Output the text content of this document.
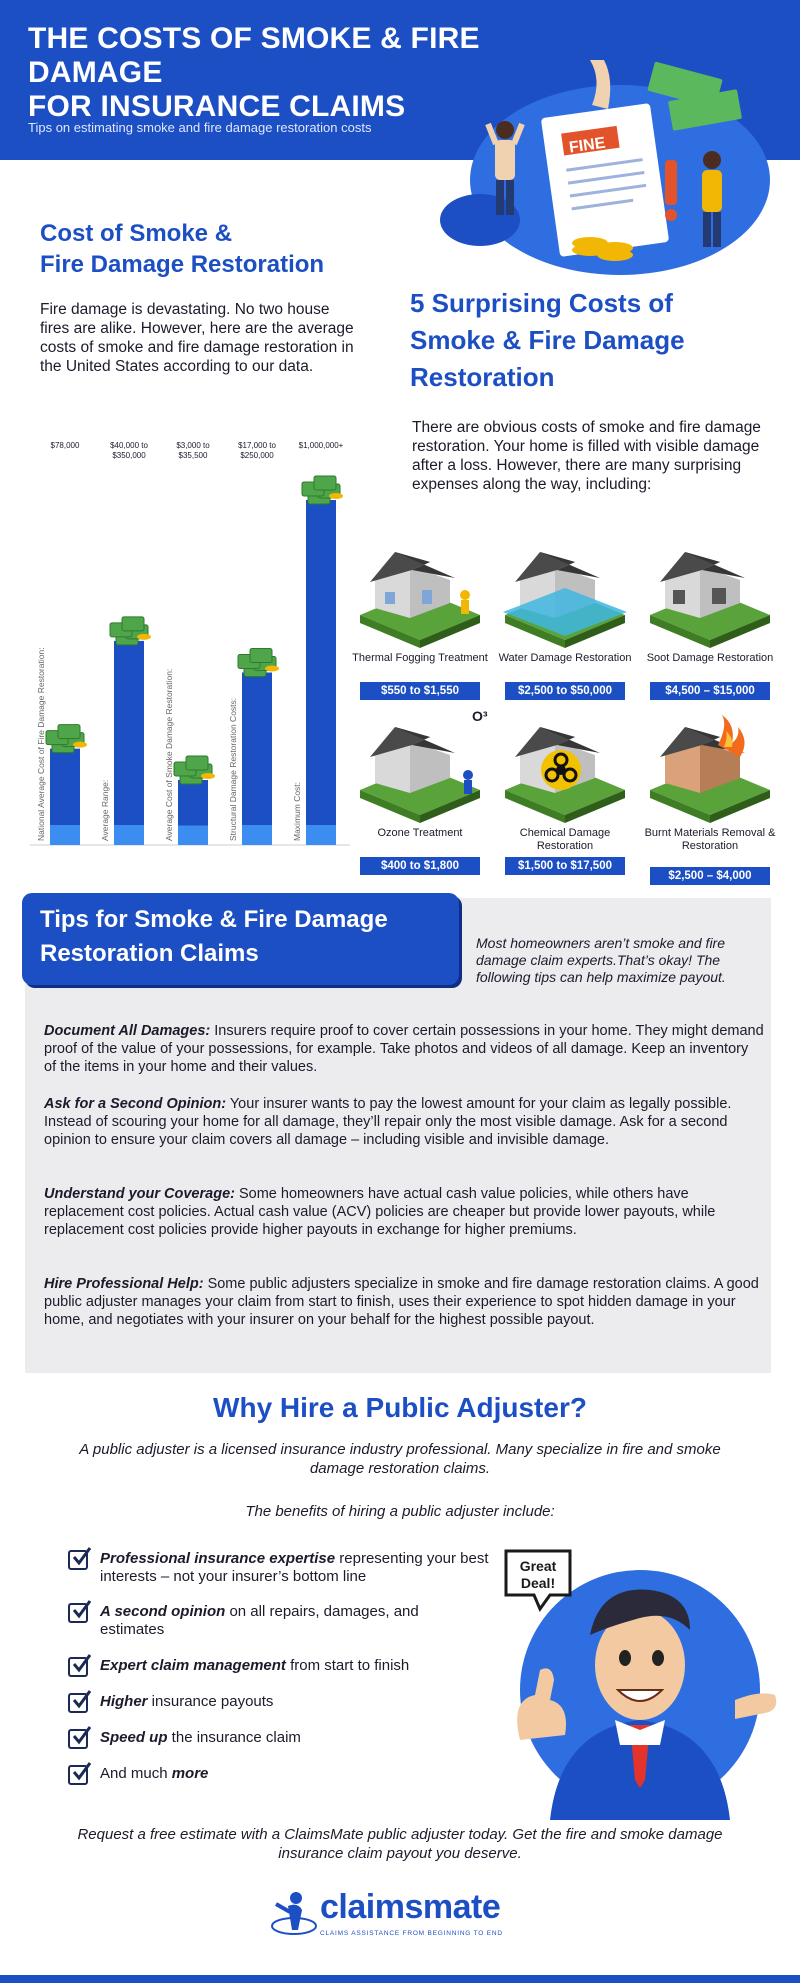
THE COSTS OF SMOKE & FIRE DAMAGE
FOR INSURANCE CLAIMS
Tips on estimating smoke and fire damage restoration costs
FINE
Cost of Smoke &
Fire Damage Restoration
Fire damage is devastating. No two house fires are alike. However, here are the average costs of smoke and fire damage restoration in the United States according to our data.
$78,000
National Average Cost of Fire Damage Restoration:
$40,000 to
$350,000
Average Range:
$3,000 to
$35,500
Average Cost of Smoke Damage Restoration:
$17,000 to
$250,000
Structural Damage Restoration Costs:
$1,000,000+
Maximum Cost:
5 Surprising Costs of
Smoke & Fire Damage
Restoration
There are obvious costs of smoke and fire damage restoration. Your home is filled with visible damage after a loss. However, there are many surprising expenses along the way, including:
Thermal Fogging Treatment
$550 to $1,550
Water Damage Restoration
$2,500 to $50,000
Soot Damage Restoration
$4,500 – $15,000
Ozone Treatment
$400 to $1,800
O³
Chemical Damage Restoration
$1,500 to $17,500
Burnt Materials Removal & Restoration
$2,500 – $4,000
Tips for Smoke & Fire Damage
Restoration Claims	Most homeowners aren’t smoke and fire damage claim experts.That’s okay! The following tips can help maximize payout.
Document All Damages: Insurers require proof to cover certain possessions in your home. They might demand proof of the value of your possessions, for example. Take photos and videos of all damage. Keep an inventory of the items in your home and their values.
Ask for a Second Opinion: Your insurer wants to pay the lowest amount for your claim as legally possible. Instead of scouring your home for all damage, they’ll repair only the most visible damage. Ask for a second opinion to ensure your claim covers all damage – including visible and invisible damage.
Understand your Coverage: Some homeowners have actual cash value policies, while others have replacement cost policies. Actual cash value (ACV) policies are cheaper but provide lower payouts, while replacement cost policies provide higher payouts in exchange for higher premiums.
Hire Professional Help: Some public adjusters specialize in smoke and fire damage restoration claims. A good public adjuster manages your claim from start to finish, uses their experience to spot hidden damage in your home, and negotiates with your insurer on your behalf for the highest possible payout.
Why Hire a Public Adjuster?
A public adjuster is a licensed insurance industry professional. Many specialize in fire and smoke damage restoration claims.
The benefits of hiring a public adjuster include:
Professional insurance expertise representing your best interests – not your insurer’s bottom line
A second opinion on all repairs, damages, and estimates
Expert claim management from start to finish
Higher insurance payouts
Speed up the insurance claim
And much more
Great
Deal!
Request a free estimate with a ClaimsMate public adjuster today. Get the fire and smoke damage insurance claim payout you deserve.
claimsmate
CLAIMS ASSISTANCE FROM BEGINNING TO END
